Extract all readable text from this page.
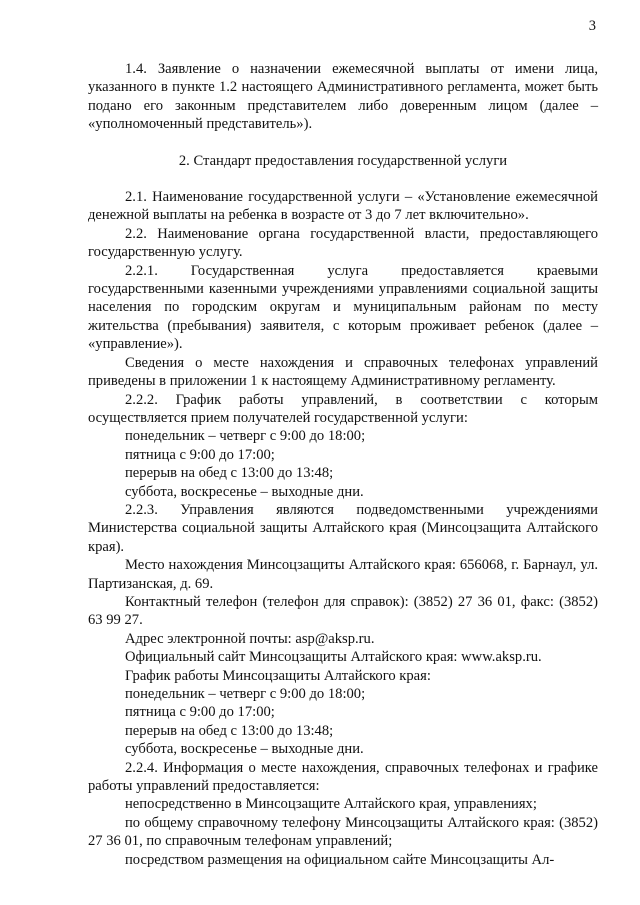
3

1.4. Заявление о назначении ежемесячной выплаты от имени лица, указанного в пункте 1.2 настоящего Административного регламента, может быть подано его законным представителем либо доверенным лицом (далее – «уполномоченный представитель»).

2. Стандарт предоставления государственной услуги

2.1. Наименование государственной услуги – «Установление ежемесячной денежной выплаты на ребенка в возрасте от 3 до 7 лет включительно».

2.2. Наименование органа государственной власти, предоставляющего государственную услугу.

2.2.1. Государственная услуга предоставляется краевыми государственными казенными учреждениями управлениями социальной защиты населения по городским округам и муниципальным районам по месту жительства (пребывания) заявителя, с которым проживает ребенок (далее – «управление»).

Сведения о месте нахождения и справочных телефонах управлений приведены в приложении 1 к настоящему Административному регламенту.

2.2.2. График работы управлений, в соответствии с которым осуществляется прием получателей государственной услуги:

понедельник – четверг с 9:00 до 18:00;

пятница с 9:00 до 17:00;

перерыв на обед с 13:00 до 13:48;

суббота, воскресенье – выходные дни.

2.2.3. Управления являются подведомственными учреждениями Министерства социальной защиты Алтайского края (Минсоцзащита Алтайского края).

Место нахождения Минсоцзащиты Алтайского края: 656068, г. Барнаул, ул. Партизанская, д. 69.

Контактный телефон (телефон для справок): (3852) 27 36 01, факс: (3852) 63 99 27.

Адрес электронной почты: asp@aksp.ru.

Официальный сайт Минсоцзащиты Алтайского края: www.aksp.ru.

График работы Минсоцзащиты Алтайского края:

понедельник – четверг с 9:00 до 18:00;

пятница с 9:00 до 17:00;

перерыв на обед с 13:00 до 13:48;

суббота, воскресенье – выходные дни.

2.2.4. Информация о месте нахождения, справочных телефонах и графике работы управлений предоставляется:

непосредственно в Минсоцзащите Алтайского края, управлениях;

по общему справочному телефону Минсоцзащиты Алтайского края: (3852) 27 36 01, по справочным телефонам управлений;

посредством размещения на официальном сайте Минсоцзащиты Ал-
